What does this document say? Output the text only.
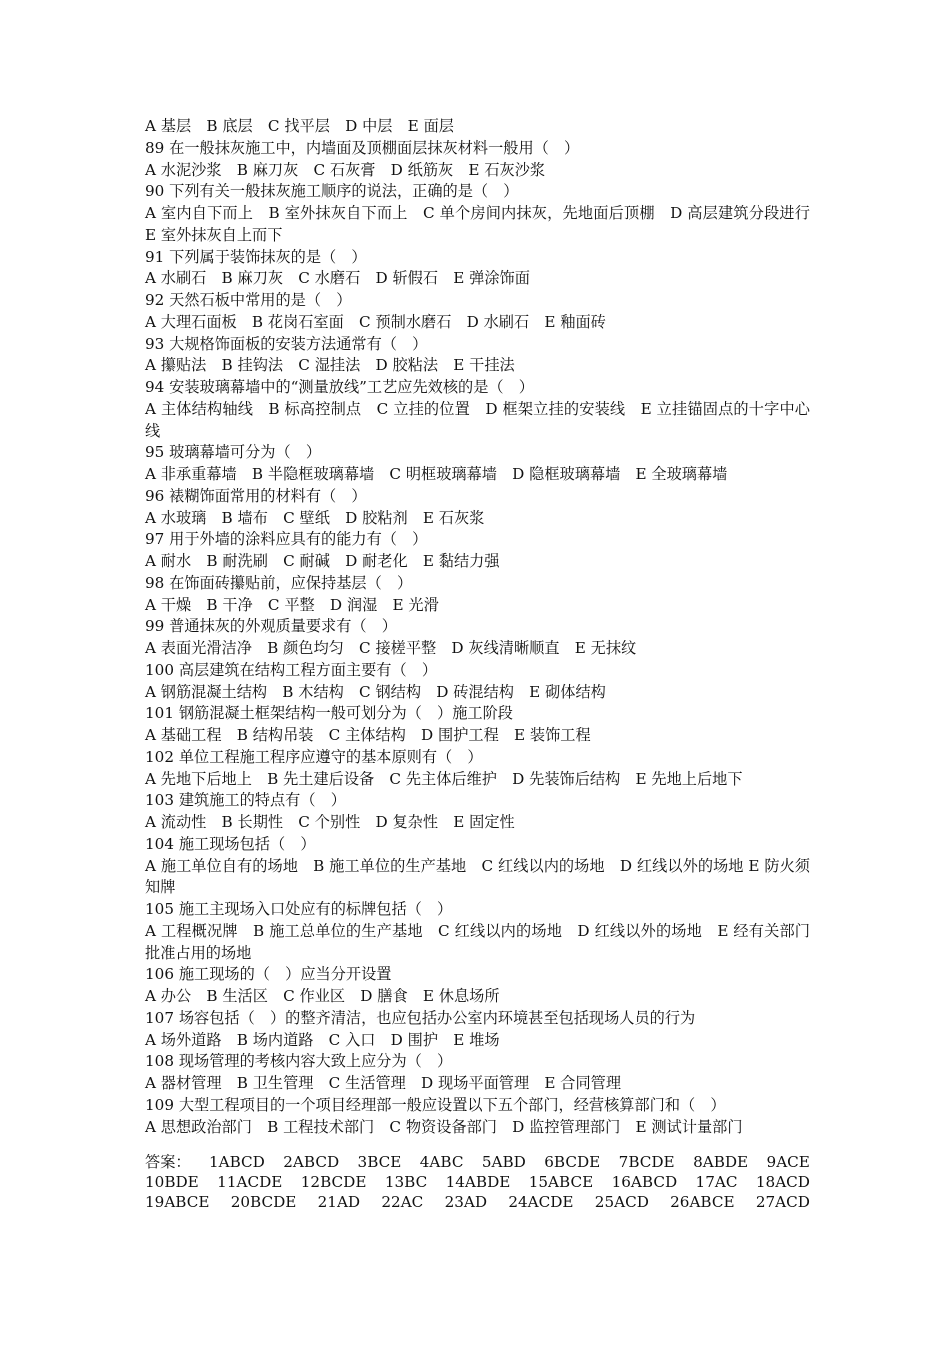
A 基层　B 底层　C 找平层　D 中层　E 面层

89 在一般抹灰施工中，内墙面及顶棚面层抹灰材料一般用（　）

A 水泥沙浆　B 麻刀灰　C 石灰膏　D 纸筋灰　E 石灰沙浆

90 下列有关一般抹灰施工顺序的说法，正确的是（　）

A 室内自下而上　B 室外抹灰自下而上　C 单个房间内抹灰，先地面后顶棚　D 高层建筑分段进行　E 室外抹灰自上而下

91 下列属于装饰抹灰的是（　）

A 水刷石　B 麻刀灰　C 水磨石　D 斩假石　E 弹涂饰面

92 天然石板中常用的是（　）

A 大理石面板　B 花岗石室面　C 预制水磨石　D 水刷石　E 釉面砖

93 大规格饰面板的安装方法通常有（　）

A 攥贴法　B 挂钩法　C 湿挂法　D 胶粘法　E 干挂法

94 安装玻璃幕墙中的“测量放线”工艺应先效核的是（　）

A 主体结构轴线　B 标高控制点　C 立挂的位置　D 框架立挂的安装线　E 立挂锚固点的十字中心线

95 玻璃幕墙可分为（　）

A 非承重幕墙　B 半隐框玻璃幕墙　C 明框玻璃幕墙　D 隐框玻璃幕墙　E 全玻璃幕墙

96 裱糊饰面常用的材料有（　）

A 水玻璃　B 墙布　C 壁纸　D 胶粘剂　E 石灰浆

97 用于外墙的涂料应具有的能力有（　）

A 耐水　B 耐洗刷　C 耐碱　D 耐老化　E 黏结力强

98 在饰面砖攥贴前，应保持基层（　）

A 干燥　B 干净　C 平整　D 润湿　E 光滑

99 普通抹灰的外观质量要求有（　）

A 表面光滑洁净　B 颜色均匀　C 接槎平整　D 灰线清晰顺直　E 无抹纹

100 高层建筑在结构工程方面主要有（　）

A 钢筋混凝土结构　B 木结构　C 钢结构　D 砖混结构　E 砌体结构

101 钢筋混凝土框架结构一般可划分为（　）施工阶段

A 基础工程　B 结构吊装　C 主体结构　D 围护工程　E 装饰工程

102 单位工程施工程序应遵守的基本原则有（　）

A 先地下后地上　B 先土建后设备　C 先主体后维护　D 先装饰后结构　E 先地上后地下

103 建筑施工的特点有（　）

A 流动性　B 长期性　C 个别性　D 复杂性　E 固定性

104 施工现场包括（　）

A 施工单位自有的场地　B 施工单位的生产基地　C 红线以内的场地　D 红线以外的场地 E 防火须知牌

105 施工主现场入口处应有的标牌包括（　）

A 工程概况牌　B 施工总单位的生产基地　C 红线以内的场地　D 红线以外的场地　E 经有关部门批准占用的场地

106 施工现场的（　）应当分开设置

A 办公　B 生活区　C 作业区　D 膳食　E 休息场所

107 场容包括（　）的整齐清洁，也应包括办公室内环境甚至包括现场人员的行为

A 场外道路　B 场内道路　C 入口　D 围护　E 堆场

108 现场管理的考核内容大致上应分为（　）

A 器材管理　B 卫生管理　C 生活管理　D 现场平面管理　E 合同管理

109 大型工程项目的一个项目经理部一般应设置以下五个部门，经营核算部门和（　）

A 思想政治部门　B 工程技术部门　C 物资设备部门　D 监控管理部门　E 测试计量部门

答案： 1ABCD 2ABCD 3BCE 4ABC 5ABD 6BCDE 7BCDE 8ABDE 9ACE
10BDE 11ACDE 12BCDE 13BC 14ABDE 15ABCE 16ABCD 17AC 18ACD
19ABCE 20BCDE 21AD 22AC 23AD 24ACDE 25ACD 26ABCE 27ACD
